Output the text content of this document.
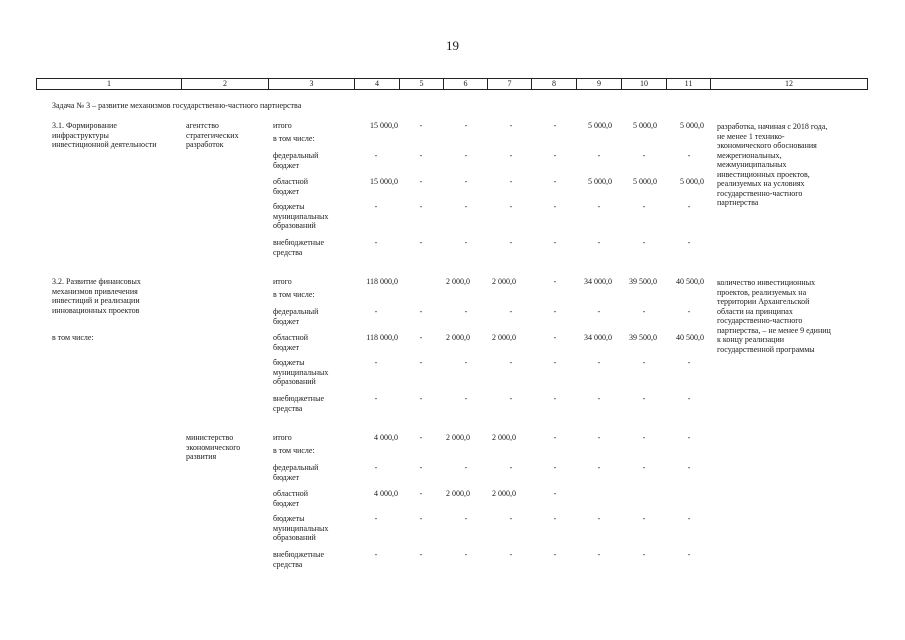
19
1	2	3	4	5	6	7	8	9	10	11	12
Задача № 3 – развитие механизмов государственно-частного партнерства
3.1. Формирование
инфраструктуры
инвестиционной деятельности
агентство
стратегических
разработок
итого	15 000,0	-	-	-	-	5 000,0	5 000,0	5 000,0
в том числе:
федеральный
бюджет
-	-	-	-	-	-	-	-
областной
бюджет
15 000,0	-	-	-	-	5 000,0	5 000,0	5 000,0
бюджеты
муниципальных
образований
-	-	-	-	-	-	-	-
внебюджетные
средства
-	-	-	-	-	-	-	-
разработка, начиная с 2018 года,
не менее 1 технико-
экономического обоснования
межрегиональных,
межмуниципальных
инвестиционных проектов,
реализуемых на условиях
государственно-частного
партнерства
3.2. Развитие финансовых
механизмов привлечения
инвестиций и реализации
инновационных проектов
в том числе:
итого	118 000,0	2 000,0	2 000,0	-	34 000,0 39 500,0 40 500,0
в том числе:
федеральный
бюджет
-	-	-	-	-	-	-	-
областной
бюджет
118 000,0	-	2 000,0	2 000,0	-	34 000,0 39 500,0 40 500,0
бюджеты
муниципальных
образований
-	-	-	-	-	-	-	-
внебюджетные
средства
-	-	-	-	-	-	-	-
количество инвестиционных
проектов, реализуемых на
территории Архангельской
области на принципах
государственно-частного
партнерства, – не менее 9 единиц
к концу реализации
государственной программы
министерство
экономического
развития
итого	4 000,0	-	2 000,0	2 000,0	-	-	-	-
в том числе:
федеральный
бюджет
-	-	-	-	-	-	-	-
областной
бюджет
4 000,0	-	2 000,0	2 000,0	-
бюджеты
муниципальных
образований
-	-	-	-	-	-	-	-
внебюджетные
средства
-	-	-	-	-	-	-	-
